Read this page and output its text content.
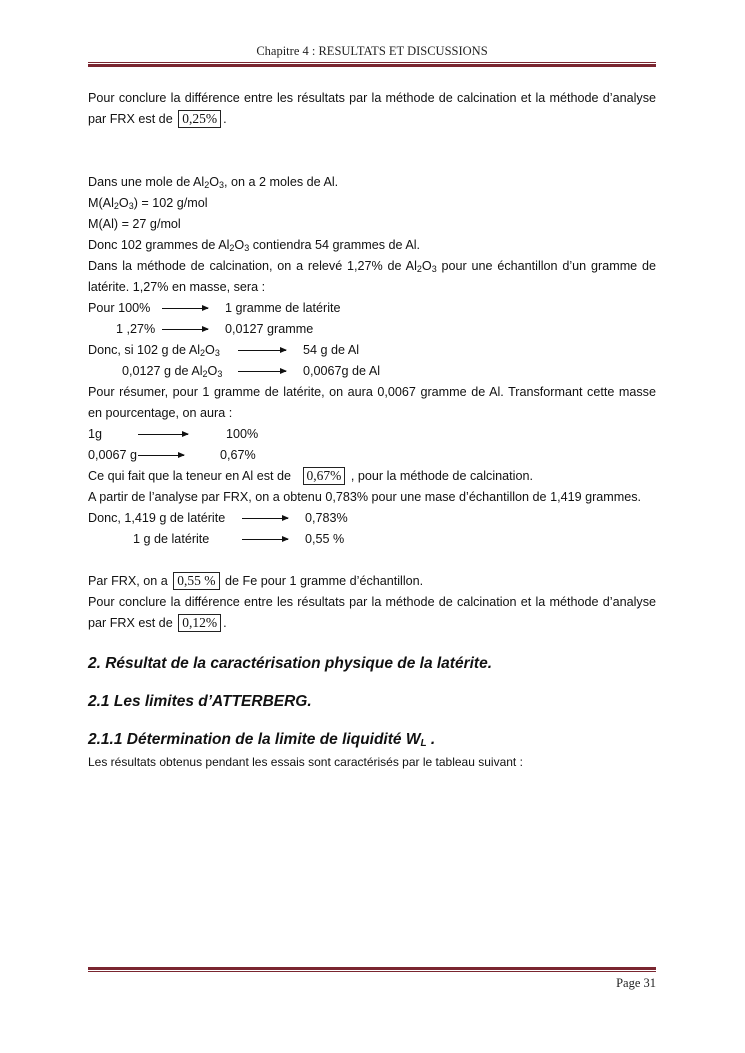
Chapitre 4 : RESULTATS ET DISCUSSIONS

Pour conclure la différence entre les résultats par la méthode de calcination et la méthode d’analyse par FRX est de 0,25% .

Dans une mole de $Al_2O_3$, on a 2 moles de Al.
$M(Al_2O_3) = 102$ g/mol
M(Al) = 27 g/mol
Donc 102 grammes de $Al_2O_3$ contiendra 54 grammes de Al.

Dans la méthode de calcination, on a relevé 1,27% de $Al_2O_3$ pour une échantillon d’un gramme de latérite. 1,27% en masse, sera :

Pour 100%	1 gramme de latérite
1 ,27%	0,0127 gramme
Donc, si 102 g de $Al_2O_3$	54 g de Al
0,0127 g de $Al_2O_3$	0,0067g de Al

Pour résumer, pour 1 gramme de latérite, on aura 0,0067 gramme de Al. Transformant cette masse en pourcentage, on aura :

1g	100%
0,0067 g	0,67%
Ce qui fait que la teneur en Al est de 0,67% , pour la méthode de calcination.

A partir de l’analyse par FRX, on a obtenu 0,783% pour une mase d’échantillon de 1,419 grammes.

Donc, 1,419 g de latérite	0,783%
1 g de latérite	0,55 %
Par FRX, on a 0,55 % de Fe pour 1 gramme d’échantillon.

Pour conclure la différence entre les résultats par la méthode de calcination et la méthode d’analyse par FRX est de 0,12% .

2. Résultat de la caractérisation physique de la latérite.
2.1 Les limites d’ATTERBERG.
2.1.1 Détermination de la limite de liquidité $W_L$ .
Les résultats obtenus pendant les essais sont caractérisés par le tableau suivant :
Page 31
